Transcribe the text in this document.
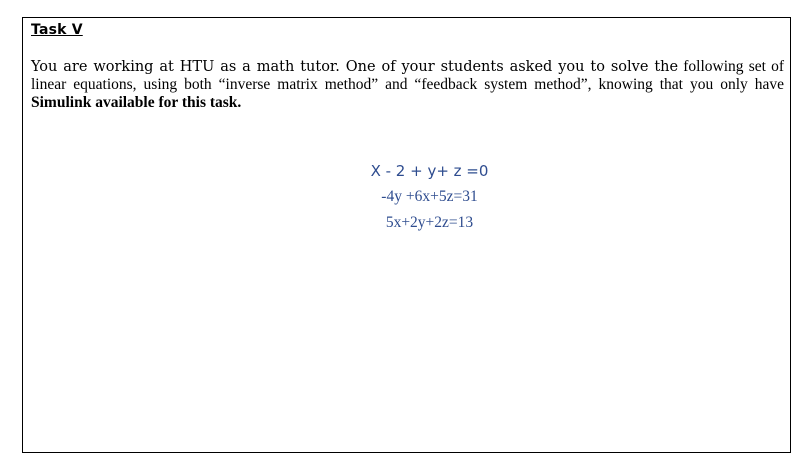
Task V
You are working at HTU as a math tutor. One of your students asked you to solve the following set of linear equations, using both “inverse matrix method” and “feedback system method”, knowing that you only have Simulink available for this task.
X - 2 + y+ z =0
-4y +6x+5z=31
5x+2y+2z=13
